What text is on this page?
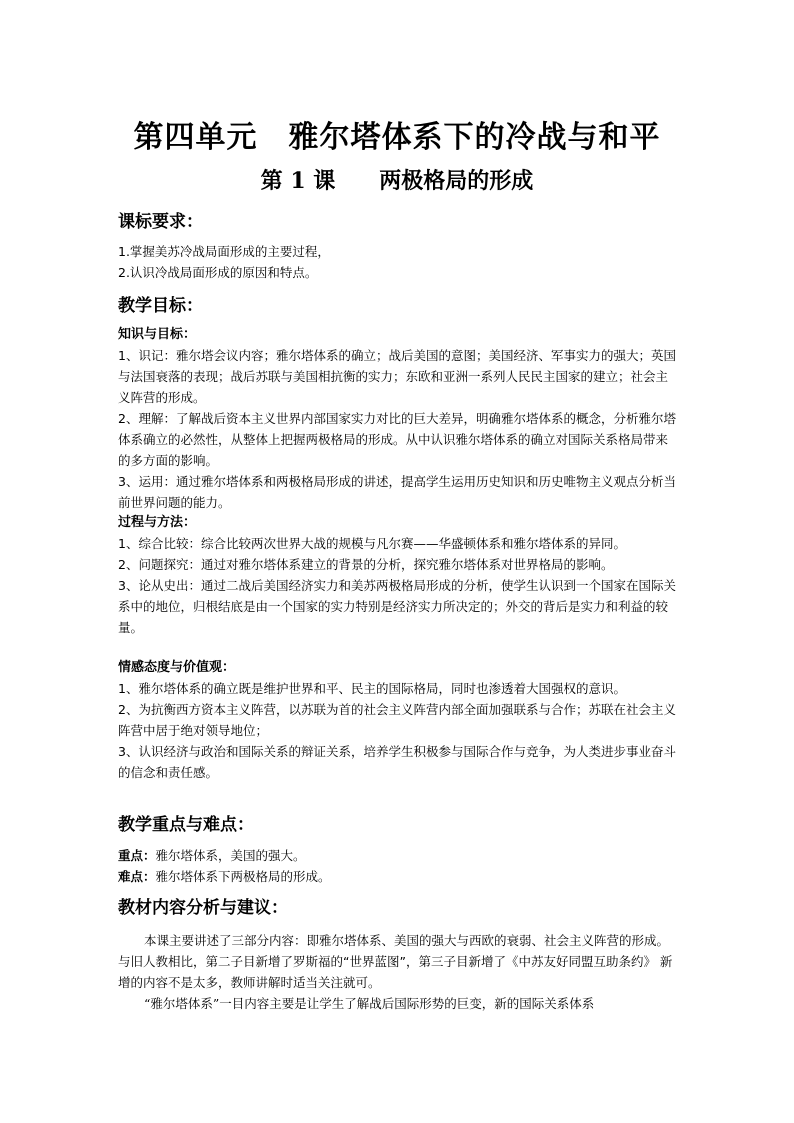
第四单元　雅尔塔体系下的冷战与和平
第 1 课　　两极格局的形成
课标要求：
1.掌握美苏冷战局面形成的主要过程，
2.认识冷战局面形成的原因和特点。
教学目标：
知识与目标：

1、识记：雅尔塔会议内容；雅尔塔体系的确立；战后美国的意图；美国经济、军事实力的强大；英国与法国衰落的表现；战后苏联与美国相抗衡的实力；东欧和亚洲一系列人民民主国家的建立；社会主义阵营的形成。

2、理解：了解战后资本主义世界内部国家实力对比的巨大差异，明确雅尔塔体系的概念，分析雅尔塔体系确立的必然性，从整体上把握两极格局的形成。从中认识雅尔塔体系的确立对国际关系格局带来的多方面的影响。

3、运用：通过雅尔塔体系和两极格局形成的讲述，提高学生运用历史知识和历史唯物主义观点分析当前世界问题的能力。

过程与方法：

1、综合比较：综合比较两次世界大战的规模与凡尔赛——华盛顿体系和雅尔塔体系的异同。

2、问题探究：通过对雅尔塔体系建立的背景的分析，探究雅尔塔体系对世界格局的影响。

3、论从史出：通过二战后美国经济实力和美苏两极格局形成的分析，使学生认识到一个国家在国际关系中的地位，归根结底是由一个国家的实力特别是经济实力所决定的；外交的背后是实力和利益的较量。

情感态度与价值观：

1、雅尔塔体系的确立既是维护世界和平、民主的国际格局，同时也渗透着大国强权的意识。

2、为抗衡西方资本主义阵营，以苏联为首的社会主义阵营内部全面加强联系与合作；苏联在社会主义阵营中居于绝对领导地位；

3、认识经济与政治和国际关系的辩证关系，培养学生积极参与国际合作与竞争，为人类进步事业奋斗的信念和责任感。

教学重点与难点：
重点：雅尔塔体系，美国的强大。
难点：雅尔塔体系下两极格局的形成。
教材内容分析与建议：

本课主要讲述了三部分内容：即雅尔塔体系、美国的强大与西欧的衰弱、社会主义阵营的形成。与旧人教相比，第二子目新增了罗斯福的“世界蓝图”，第三子目新增了《中苏友好同盟互助条约》 新增的内容不是太多，教师讲解时适当关注就可。

“雅尔塔体系”一目内容主要是让学生了解战后国际形势的巨变，新的国际关系体系
